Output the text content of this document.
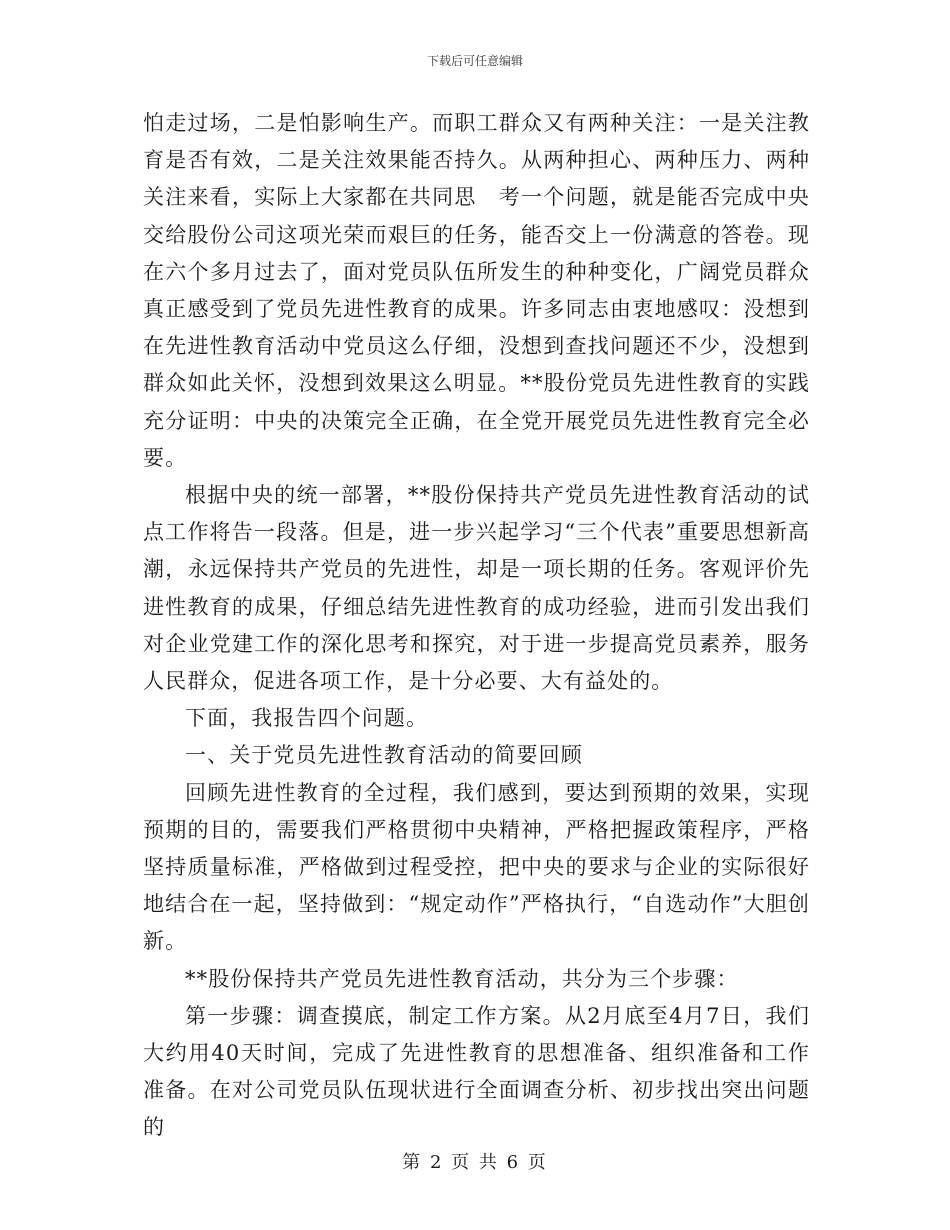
下载后可任意编辑

怕走过场，二是怕影响生产。而职工群众又有两种关注：一是关注教育是否有效，二是关注效果能否持久。从两种担心、两种压力、两种关注来看，实际上大家都在共同思　考一个问题，就是能否完成中央交给股份公司这项光荣而艰巨的任务，能否交上一份满意的答卷。现在六个多月过去了，面对党员队伍所发生的种种变化，广阔党员群众真正感受到了党员先进性教育的成果。许多同志由衷地感叹：没想到在先进性教育活动中党员这么仔细，没想到查找问题还不少，没想到群众如此关怀，没想到效果这么明显。**股份党员先进性教育的实践充分证明：中央的决策完全正确，在全党开展党员先进性教育完全必要。

根据中央的统一部署，**股份保持共产党员先进性教育活动的试点工作将告一段落。但是，进一步兴起学习“三个代表”重要思想新高潮，永远保持共产党员的先进性，却是一项长期的任务。客观评价先进性教育的成果，仔细总结先进性教育的成功经验，进而引发出我们对企业党建工作的深化思考和探究，对于进一步提高党员素养，服务人民群众，促进各项工作，是十分必要、大有益处的。

下面，我报告四个问题。

一、关于党员先进性教育活动的简要回顾

回顾先进性教育的全过程，我们感到，要达到预期的效果，实现预期的目的，需要我们严格贯彻中央精神，严格把握政策程序，严格坚持质量标准，严格做到过程受控，把中央的要求与企业的实际很好地结合在一起，坚持做到：“规定动作”严格执行，“自选动作”大胆创新。

**股份保持共产党员先进性教育活动，共分为三个步骤：

第一步骤：调查摸底，制定工作方案。从2月底至4月7日，我们大约用40天时间，完成了先进性教育的思想准备、组织准备和工作准备。在对公司党员队伍现状进行全面调查分析、初步找出突出问题的

第 2 页 共 6 页
